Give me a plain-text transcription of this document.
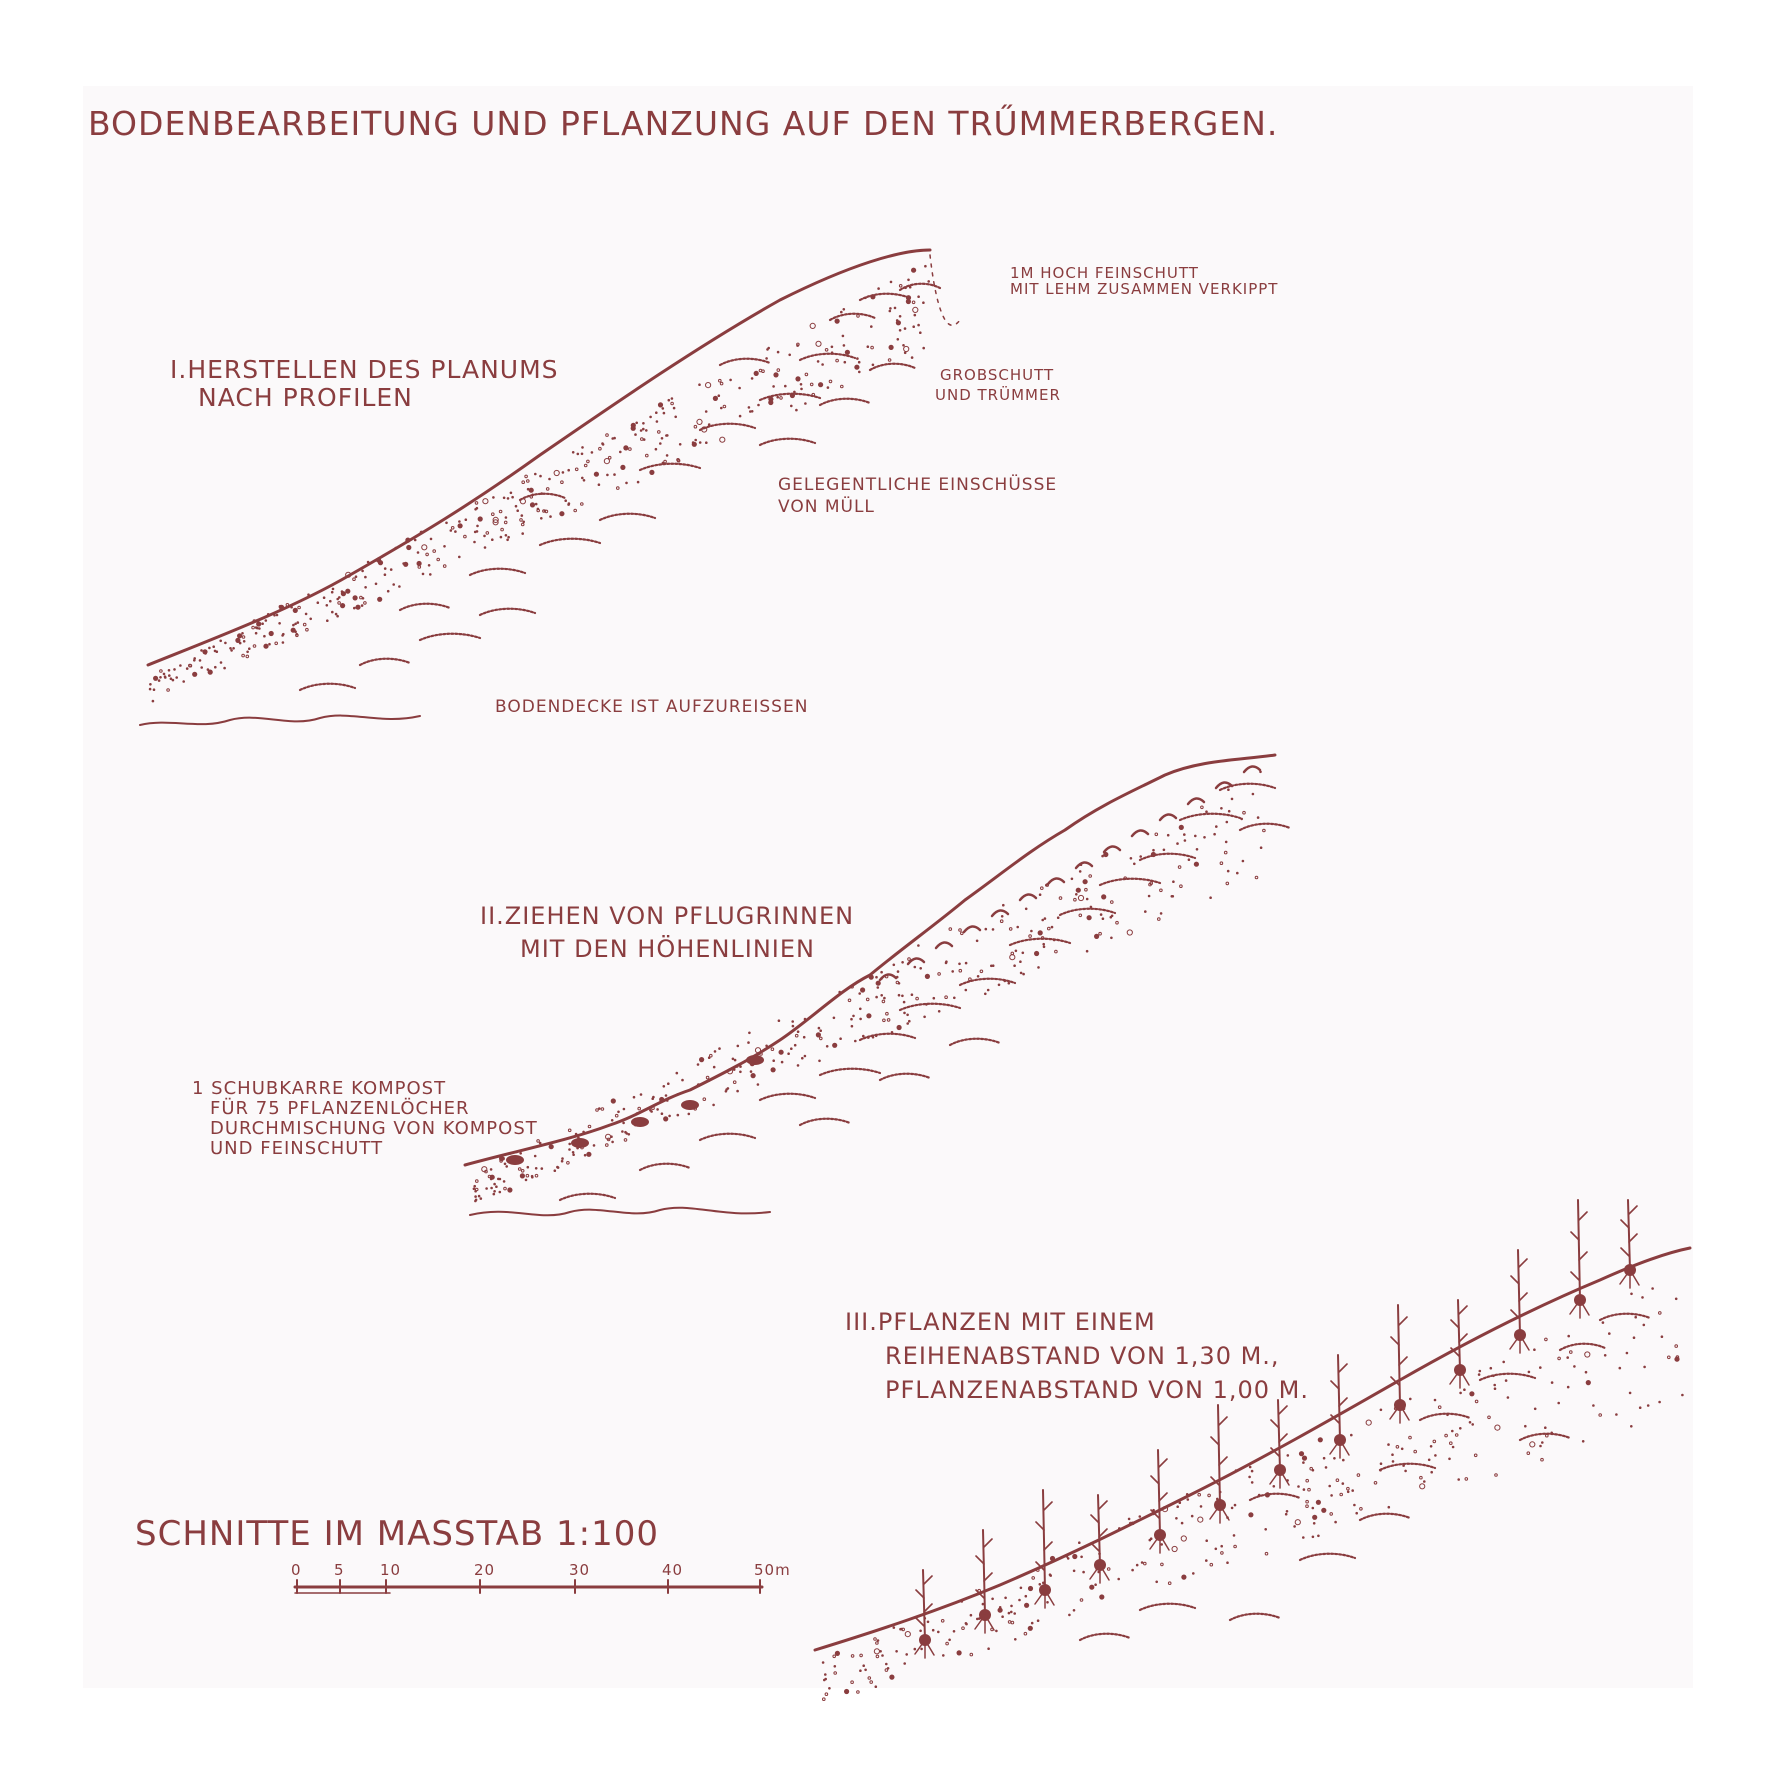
BODENBEARBEITUNG UND PFLANZUNG AUF DEN TRŰMMERBERGEN.
I.HERSTELLEN DES PLANUMS
NACH PROFILEN
1M HOCH FEINSCHUTT
MIT LEHM ZUSAMMEN VERKIPPT
GROBSCHUTT
UND TRÜMMER
GELEGENTLICHE EINSCHÜSSE
VON MÜLL
BODENDECKE IST AUFZUREISSEN
II.ZIEHEN VON PFLUGRINNEN
MIT DEN HÖHENLINIEN
1 SCHUBKARRE KOMPOST
FÜR 75 PFLANZENLÖCHER
DURCHMISCHUNG VON KOMPOST
UND FEINSCHUTT
III.PFLANZEN MIT EINEM
REIHENABSTAND VON 1,30 M.,
PFLANZENABSTAND VON 1,00 M.
SCHNITTE IM MASSTAB 1:100
0 5 10	20	30	40	50m
